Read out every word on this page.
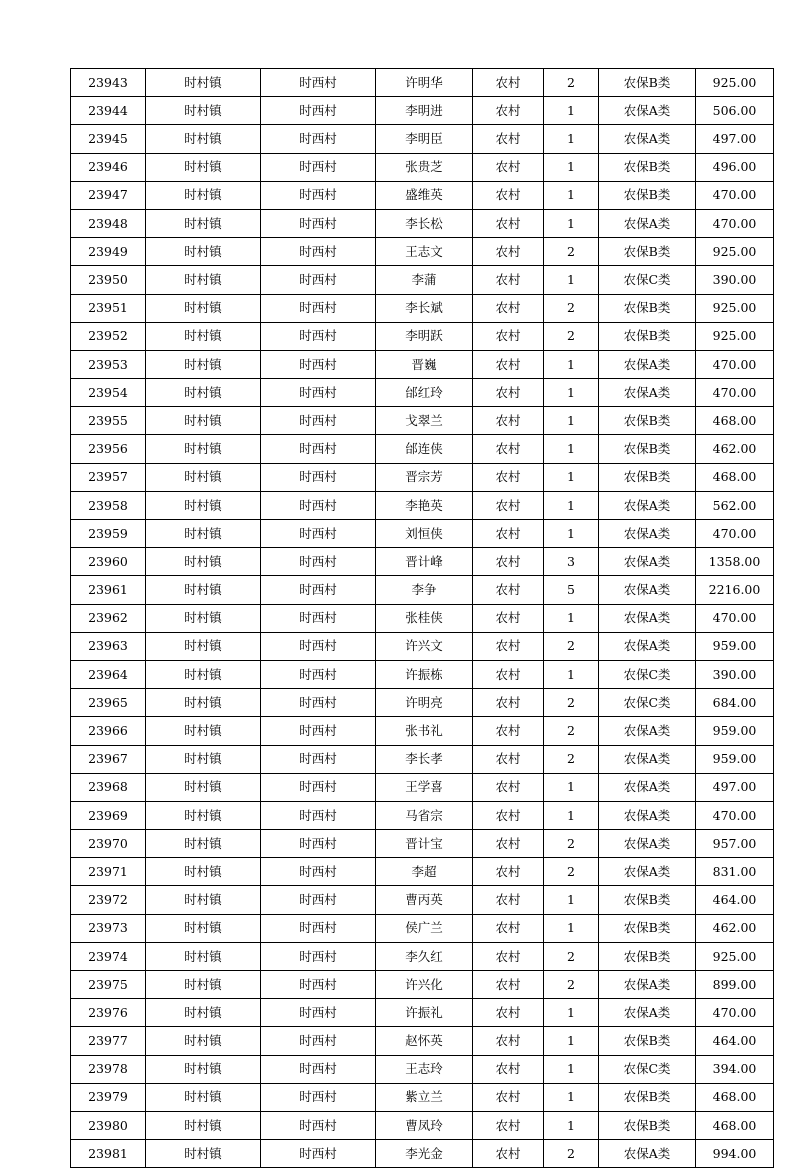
23943	时村镇	时西村	许明华	农村	2	农保B类	925.00
23944	时村镇	时西村	李明进	农村	1	农保A类	506.00
23945	时村镇	时西村	李明臣	农村	1	农保A类	497.00
23946	时村镇	时西村	张贵芝	农村	1	农保B类	496.00
23947	时村镇	时西村	盛维英	农村	1	农保B类	470.00
23948	时村镇	时西村	李长松	农村	1	农保A类	470.00
23949	时村镇	时西村	王志文	农村	2	农保B类	925.00
23950	时村镇	时西村	李蒲	农村	1	农保C类	390.00
23951	时村镇	时西村	李长斌	农村	2	农保B类	925.00
23952	时村镇	时西村	李明跃	农村	2	农保B类	925.00
23953	时村镇	时西村	晋巍	农村	1	农保A类	470.00
23954	时村镇	时西村	邰红玲	农村	1	农保A类	470.00
23955	时村镇	时西村	戈翠兰	农村	1	农保B类	468.00
23956	时村镇	时西村	邰连侠	农村	1	农保B类	462.00
23957	时村镇	时西村	晋宗芳	农村	1	农保B类	468.00
23958	时村镇	时西村	李艳英	农村	1	农保A类	562.00
23959	时村镇	时西村	刘恒侠	农村	1	农保A类	470.00
23960	时村镇	时西村	晋计峰	农村	3	农保A类	1358.00
23961	时村镇	时西村	李争	农村	5	农保A类	2216.00
23962	时村镇	时西村	张桂侠	农村	1	农保A类	470.00
23963	时村镇	时西村	许兴文	农村	2	农保A类	959.00
23964	时村镇	时西村	许振栋	农村	1	农保C类	390.00
23965	时村镇	时西村	许明亮	农村	2	农保C类	684.00
23966	时村镇	时西村	张书礼	农村	2	农保A类	959.00
23967	时村镇	时西村	李长孝	农村	2	农保A类	959.00
23968	时村镇	时西村	王学喜	农村	1	农保A类	497.00
23969	时村镇	时西村	马省宗	农村	1	农保A类	470.00
23970	时村镇	时西村	晋计宝	农村	2	农保A类	957.00
23971	时村镇	时西村	李超	农村	2	农保A类	831.00
23972	时村镇	时西村	曹丙英	农村	1	农保B类	464.00
23973	时村镇	时西村	侯广兰	农村	1	农保B类	462.00
23974	时村镇	时西村	李久红	农村	2	农保B类	925.00
23975	时村镇	时西村	许兴化	农村	2	农保A类	899.00
23976	时村镇	时西村	许振礼	农村	1	农保A类	470.00
23977	时村镇	时西村	赵怀英	农村	1	农保B类	464.00
23978	时村镇	时西村	王志玲	农村	1	农保C类	394.00
23979	时村镇	时西村	紫立兰	农村	1	农保B类	468.00
23980	时村镇	时西村	曹凤玲	农村	1	农保B类	468.00
23981	时村镇	时西村	李光金	农村	2	农保A类	994.00
